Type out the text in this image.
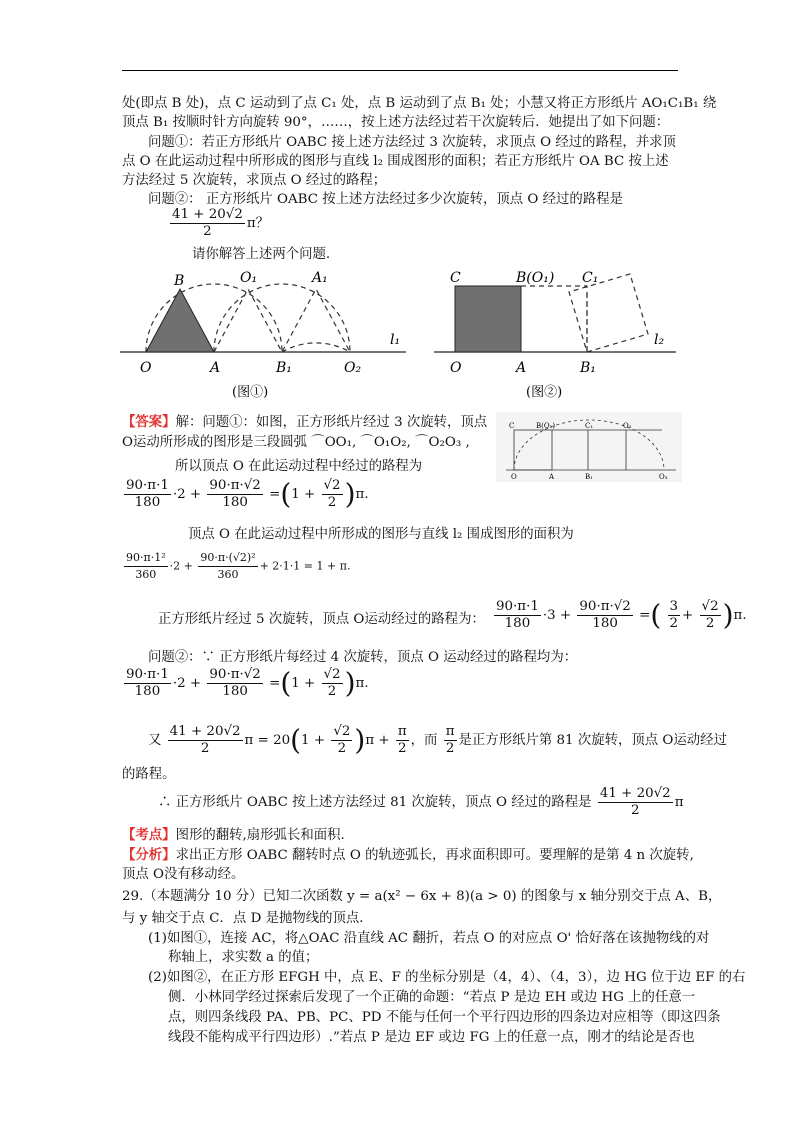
处(即点 B 处)，点 C 运动到了点 C₁ 处，点 B 运动到了点 B₁ 处；小慧又将正方形纸片 AO₁C₁B₁ 绕
顶点 B₁ 按顺时针方向旋转 90°，……，按上述方法经过若干次旋转后．她提出了如下问题：
问题①：若正方形纸片 OABC 接上述方法经过 3 次旋转，求顶点 O 经过的路程，并求顶
点 O 在此运动过程中所形成的图形与直线 l₂ 围成图形的面积；若正方形纸片 OA BC 按上述
方法经过 5 次旋转，求顶点 O 经过的路程；
问题②： 正方形纸片 OABC 按上述方法经过多少次旋转，顶点 O 经过的路程是
$\frac{41 + 20√2}{2}$ π？
请你解答上述两个问题.
B	O₁	A₁
l₁
O	A	B₁	O₂
(图①)
C	B(O₁) C₁
l₂
O	A	B₁
(图②)
【答案】解：问题①：如图，正方形纸片经过 3 次旋转，顶点
O运动所形成的图形是三段圆弧 ⌒OO₁, ⌒O₁O₂, ⌒O₂O₃ ,
C	B(O₁)	C₁	O₂
O	A	B₁	O₃
所以顶点 O 在此运动过程中经过的路程为
$\frac{90\cdot\pi\cdot 1}{180} \cdot 2 + \frac{90\cdot\pi\cdot√2}{180} =(1 + \frac{√2}{2} )\pi$.
顶点 O 在此运动过程中所形成的图形与直线 l₂ 围成图形的面积为
$\frac{\text{90·π·1²}}{360} \cdot 2 + \frac{\text{90·π·(√2)²}}{360} + 2\cdot 1\cdot 1 = 1 + \pi$.
正方形纸片经过 5 次旋转，顶点 O运动经过的路程为： $\frac{90\cdot\pi\cdot 1}{180} \cdot 3 + \frac{90\cdot\pi\cdot√2}{180}$ =( $\frac{3}{2} + \frac{√2}{2} )\pi$.
问题②：∵ 正方形纸片每经过 4 次旋转，顶点 O 运动经过的路程均为：
$\frac{90\cdot\pi\cdot 1}{180} \cdot 2 + \frac{90\cdot\pi\cdot√2}{180} =(1 + \frac{√2}{2} )\pi$.
又 $\frac{41 + 20√2}{2}$ $\pi = 20(1 + \frac{√2}{2} )\pi + \frac{\pi}{2}$ ，而 $\frac{\pi}{2}$ 是正方形纸片第 81 次旋转，顶点 O运动经过
的路程。
∴ 正方形纸片 OABC 按上述方法经过 81 次旋转，顶点 O 经过的路程是 $\frac{41 + 20√2}{2}$ π
【考点】图形的翻转,扇形弧长和面积.
【分析】求出正方形 OABC 翻转时点 O 的轨迹弧长，再求面积即可。要理解的是第 4 n 次旋转,
顶点 O没有移动经。
29.（本题满分 10 分）已知二次函数 y = a(x² − 6x + 8)(a > 0) 的图象与 x 轴分别交于点 A、B，
与 y 轴交于点 C．点 D 是抛物线的顶点．
(1)如图①，连接 AC，将△OAC 沿直线 AC 翻折，若点 O 的对应点 O' 恰好落在该抛物线的对
称轴上，求实数 a 的值；
(2)如图②，在正方形 EFGH 中，点 E、F 的坐标分别是（4，4）、（4，3），边 HG 位于边 EF 的右
侧．小林同学经过探索后发现了一个正确的命题：“若点 P 是边 EH 或边 HG 上的任意一
点，则四条线段 PA、PB、PC、PD 不能与任何一个平行四边形的四条边对应相等（即这四条
线段不能构成平行四边形）.”若点 P 是边 EF 或边 FG 上的任意一点，刚才的结论是否也
